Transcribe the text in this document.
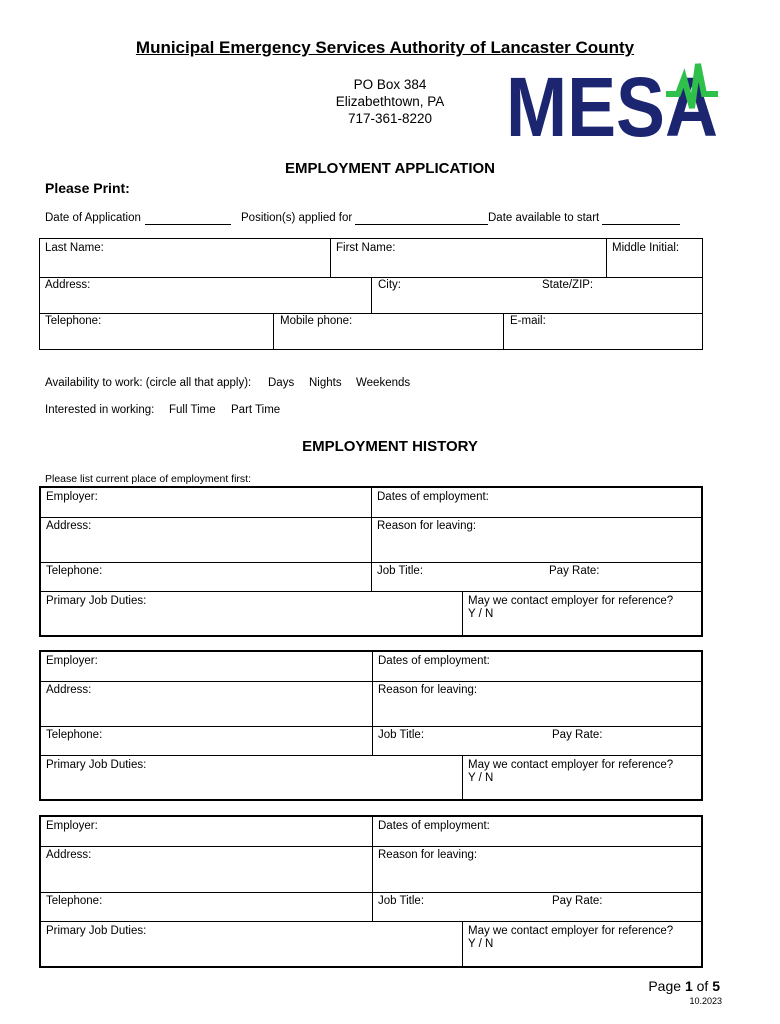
Municipal Emergency Services Authority of Lancaster County
PO Box 384
Elizabethtown, PA
717-361-8220 MESA
EMPLOYMENT APPLICATION
Please Print:
Date of Application	Position(s) applied for	Date available to start
Last Name:	First Name:	Middle Initial:
Address:	City:	State/ZIP:
Telephone:	Mobile phone:	E-mail:
Availability to work: (circle all that apply): Days Nights Weekends
Interested in working: Full Time Part Time
EMPLOYMENT HISTORY
Please list current place of employment first:
Employer:	Dates of employment:
Address:	Reason for leaving:
Telephone:	Job Title:	Pay Rate:
Primary Job Duties:	May we contact employer for reference?
Y / N
Employer:	Dates of employment:
Address:	Reason for leaving:
Telephone:	Job Title:	Pay Rate:
Primary Job Duties:	May we contact employer for reference?
Y / N
Employer:	Dates of employment:
Address:	Reason for leaving:
Telephone:	Job Title:	Pay Rate:
Primary Job Duties:	May we contact employer for reference?
Y / N
Page 1 of 5
10.2023
